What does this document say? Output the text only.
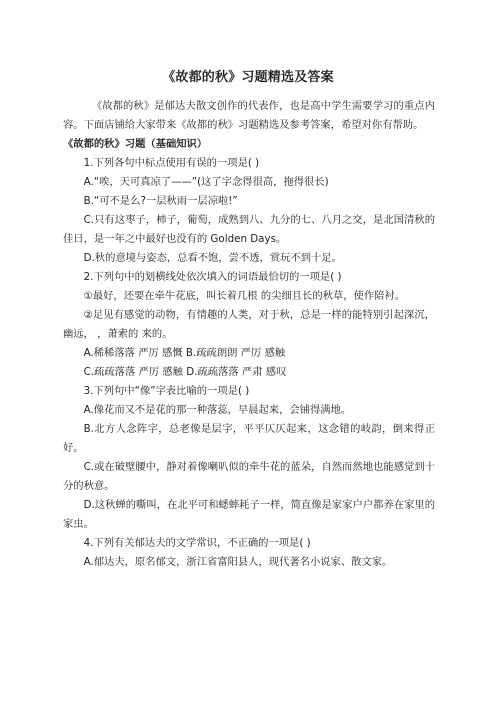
《故都的秋》习题精选及答案

《故都的秋》是郁达夫散文创作的代表作，也是高中学生需要学习的重点内容。下面店铺给大家带来《故都的秋》习题精选及参考答案，希望对你有帮助。

《故都的秋》习题（基础知识）

1.下列各句中标点使用有误的一项是( )

A.“唉，天可真凉了——”(这了字念得很高，拖得很长)

B.“可不是么?一层秋雨一层凉啦!”

C.只有这枣子，柿子，葡萄，成熟到八、九分的七、八月之交，是北国清秋的佳日，是一年之中最好也没有的 Golden Days。

D.秋的意境与姿态，总看不饱，尝不透，赏玩不到十足。

2.下列句中的划横线处依次填入的词语最恰切的一项是( )

①最好，还要在牵牛花底，叫长着几根 的尖细且长的秋草，使作陪衬。

②足见有感觉的动物，有情趣的人类，对于秋，总是一样的能特别引起深沉，幽远， ，萧索的 来的。

A.稀稀落落 严厉 感慨 B.疏疏朗朗 严厉 感触

C.疏疏落落 严厉 感触 D.疏疏落落 严肃 感叹

3.下列句中“像”字表比喻的一项是( )

A.像花而又不是花的那一种落蕊，早晨起来，会铺得满地。

B.北方人念阵字，总老像是层字，平平仄仄起来，这念错的岐韵，倒来得正好。

C.或在破壁腰中，静对着像喇叭似的牵牛花的蓝朵，自然而然地也能感觉到十分的秋意。

D.这秋蝉的嘶叫，在北平可和蟋蟀耗子一样，简直像是家家户户都养在家里的家虫。

4.下列有关郁达夫的文学常识，不正确的一项是( )

A.郁达夫，原名郁文，浙江省富阳县人，现代著名小说家、散文家。
